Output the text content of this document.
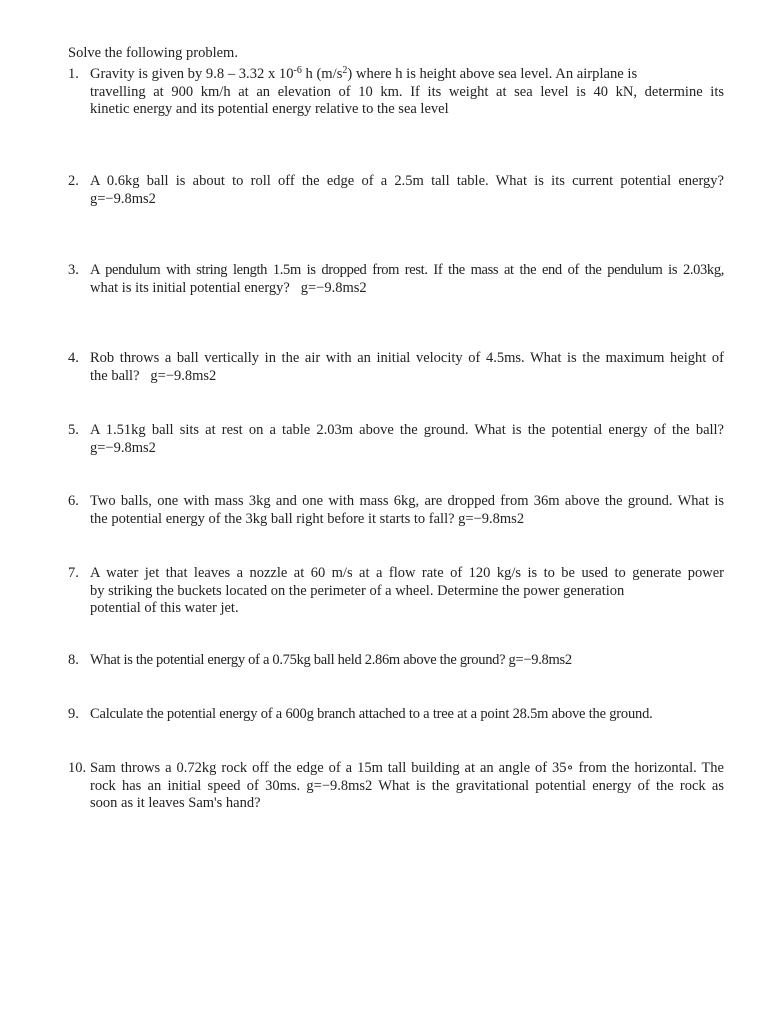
Solve the following problem.
1. Gravity is given by 9.8 – 3.32 x $10^{-6}$ h $(m/s^2)$ where h is height above sea level. An airplane is
travelling at 900 km/h at an elevation of 10 km. If its weight at sea level is 40 kN, determine its
kinetic energy and its potential energy relative to the sea level
2. A 0.6kg ball is about to roll off the edge of a 2.5m tall table. What is its current potential energy?
g=−9.8ms2
3. A pendulum with string length 1.5m is dropped from rest. If the mass at the end of the pendulum is 2.03kg,
what is its initial potential energy?   g=−9.8ms2
4. Rob throws a ball vertically in the air with an initial velocity of 4.5ms. What is the maximum height of
the ball?   g=−9.8ms2
5. A 1.51kg ball sits at rest on a table 2.03m above the ground. What is the potential energy of the ball?
g=−9.8ms2
6. Two balls, one with mass 3kg and one with mass 6kg, are dropped from 36m above the ground. What is
the potential energy of the 3kg ball right before it starts to fall? g=−9.8ms2
7. A water jet that leaves a nozzle at 60 m/s at a flow rate of 120 kg/s is to be used to generate power
by striking the buckets located on the perimeter of a wheel. Determine the power generation
potential of this water jet.
8. What is the potential energy of a 0.75kg ball held 2.86m above the ground? g=−9.8ms2
9. Calculate the potential energy of a 600g branch attached to a tree at a point 28.5m above the ground.
10. Sam throws a 0.72kg rock off the edge of a 15m tall building at an angle of 35∘ from the horizontal. The
rock has an initial speed of 30ms. g=−9.8ms2 What is the gravitational potential energy of the rock as
soon as it leaves Sam's hand?
